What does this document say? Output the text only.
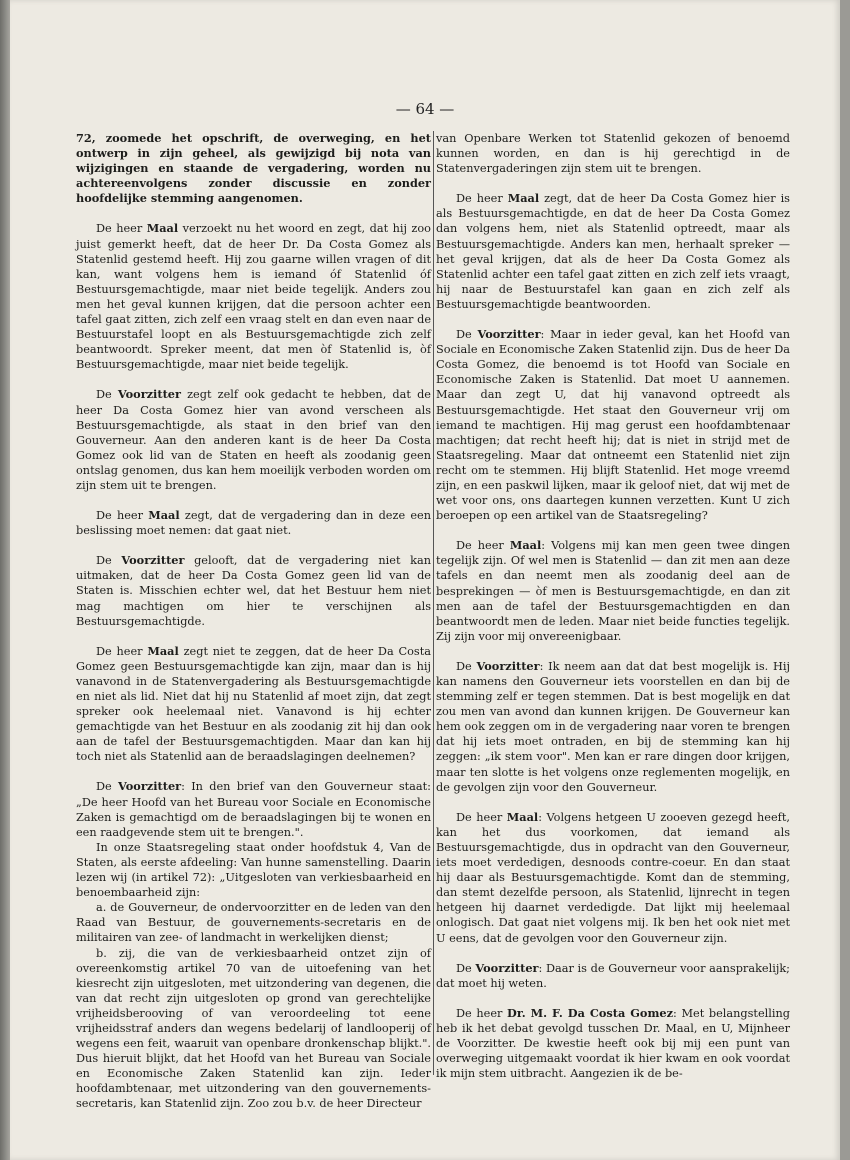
— 64 —

72, zoomede het opschrift, de overweging, en het ontwerp in zijn geheel, als gewijzigd bij nota van wijzigingen en staande de vergadering, worden nu achtereenvolgens zonder discussie en zonder hoofdelijke stemming aangenomen.

De heer Maal verzoekt nu het woord en zegt, dat hij zoo juist gemerkt heeft, dat de heer Dr. Da Costa Gomez als Statenlid gestemd heeft. Hij zou gaarne willen vragen of dit kan, want volgens hem is iemand óf Statenlid óf Bestuursgemachtigde, maar niet beide tegelijk. Anders zou men het geval kunnen krijgen, dat die persoon achter een tafel gaat zitten, zich zelf een vraag stelt en dan even naar de Bestuurstafel loopt en als Bestuursgemachtigde zich zelf beantwoordt. Spreker meent, dat men òf Statenlid is, òf Bestuursgemachtigde, maar niet beide tegelijk.

De Voorzitter zegt zelf ook gedacht te hebben, dat de heer Da Costa Gomez hier van avond verscheen als Bestuursgemachtigde, als staat in den brief van den Gouverneur. Aan den anderen kant is de heer Da Costa Gomez ook lid van de Staten en heeft als zoodanig geen ontslag genomen, dus kan hem moeilijk verboden worden om zijn stem uit te brengen.

De heer Maal zegt, dat de vergadering dan in deze een beslissing moet nemen: dat gaat niet.

De Voorzitter gelooft, dat de vergadering niet kan uitmaken, dat de heer Da Costa Gomez geen lid van de Staten is. Misschien echter wel, dat het Bestuur hem niet mag machtigen om hier te verschijnen als Bestuursgemachtigde.

De heer Maal zegt niet te zeggen, dat de heer Da Costa Gomez geen Bestuursgemachtigde kan zijn, maar dan is hij vanavond in de Statenvergadering als Bestuursgemachtigde en niet als lid. Niet dat hij nu Statenlid af moet zijn, dat zegt spreker ook heelemaal niet. Vanavond is hij echter gemachtigde van het Bestuur en als zoodanig zit hij dan ook aan de tafel der Bestuursgemachtigden. Maar dan kan hij toch niet als Statenlid aan de beraadslagingen deelnemen?

De Voorzitter: In den brief van den Gouverneur staat: „De heer Hoofd van het Bureau voor Sociale en Economische Zaken is gemachtigd om de beraadslagingen bij te wonen en een raadgevende stem uit te brengen.".

In onze Staatsregeling staat onder hoofdstuk 4, Van de Staten, als eerste afdeeling: Van hunne samenstelling. Daarin lezen wij (in artikel 72): „Uitgesloten van verkiesbaarheid en benoembaarheid zijn:

a. de Gouverneur, de ondervoorzitter en de leden van den Raad van Bestuur, de gouvernements-secretaris en de militairen van zee- of landmacht in werkelijken dienst;

b. zij, die van de verkiesbaarheid ontzet zijn of overeenkomstig artikel 70 van de uitoefening van het kiesrecht zijn uitgesloten, met uitzondering van degenen, die van dat recht zijn uitgesloten op grond van gerechtelijke vrijheidsberooving of van veroordeeling tot eene vrijheidsstraf anders dan wegens bedelarij of landlooperij of wegens een feit, waaruit van openbare dronkenschap blijkt.". Dus hieruit blijkt, dat het Hoofd van het Bureau van Sociale en Economische Zaken Statenlid kan zijn. Ieder hoofdambtenaar, met uitzondering van den gouvernements-secretaris, kan Statenlid zijn. Zoo zou b.v. de heer Directeur

van Openbare Werken tot Statenlid gekozen of benoemd kunnen worden, en dan is hij gerechtigd in de Statenvergaderingen zijn stem uit te brengen.

De heer Maal zegt, dat de heer Da Costa Gomez hier is als Bestuursgemachtigde, en dat de heer Da Costa Gomez dan volgens hem, niet als Statenlid optreedt, maar als Bestuursgemachtigde. Anders kan men, herhaalt spreker — het geval krijgen, dat als de heer Da Costa Gomez als Statenlid achter een tafel gaat zitten en zich zelf iets vraagt, hij naar de Bestuurstafel kan gaan en zich zelf als Bestuursgemachtigde beantwoorden.

De Voorzitter: Maar in ieder geval, kan het Hoofd van Sociale en Economische Zaken Statenlid zijn. Dus de heer Da Costa Gomez, die benoemd is tot Hoofd van Sociale en Economische Zaken is Statenlid. Dat moet U aannemen. Maar dan zegt U, dat hij vanavond optreedt als Bestuursgemachtigde. Het staat den Gouverneur vrij om iemand te machtigen. Hij mag gerust een hoofdambtenaar machtigen; dat recht heeft hij; dat is niet in strijd met de Staatsregeling. Maar dat ontneemt een Statenlid niet zijn recht om te stemmen. Hij blijft Statenlid. Het moge vreemd zijn, en een paskwil lijken, maar ik geloof niet, dat wij met de wet voor ons, ons daartegen kunnen verzetten. Kunt U zich beroepen op een artikel van de Staatsregeling?

De heer Maal: Volgens mij kan men geen twee dingen tegelijk zijn. Of wel men is Statenlid — dan zit men aan deze tafels en dan neemt men als zoodanig deel aan de besprekingen — òf men is Bestuursgemachtigde, en dan zit men aan de tafel der Bestuursgemachtigden en dan beantwoordt men de leden. Maar niet beide functies tegelijk. Zij zijn voor mij onvereenigbaar.

De Voorzitter: Ik neem aan dat dat best mogelijk is. Hij kan namens den Gouverneur iets voorstellen en dan bij de stemming zelf er tegen stemmen. Dat is best mogelijk en dat zou men van avond dan kunnen krijgen. De Gouverneur kan hem ook zeggen om in de vergadering naar voren te brengen dat hij iets moet ontraden, en bij de stemming kan hij zeggen: „ik stem voor". Men kan er rare dingen door krijgen, maar ten slotte is het volgens onze reglementen mogelijk, en de gevolgen zijn voor den Gouverneur.

De heer Maal: Volgens hetgeen U zooeven gezegd heeft, kan het dus voorkomen, dat iemand als Bestuursgemachtigde, dus in opdracht van den Gouverneur, iets moet verdedigen, desnoods contre-coeur. En dan staat hij daar als Bestuursgemachtigde. Komt dan de stemming, dan stemt dezelfde persoon, als Statenlid, lijnrecht in tegen hetgeen hij daarnet verdedigde. Dat lijkt mij heelemaal onlogisch. Dat gaat niet volgens mij. Ik ben het ook niet met U eens, dat de gevolgen voor den Gouverneur zijn.

De Voorzitter: Daar is de Gouverneur voor aansprakelijk; dat moet hij weten.

De heer Dr. M. F. Da Costa Gomez: Met belangstelling heb ik het debat gevolgd tusschen Dr. Maal, en U, Mijnheer de Voorzitter. De kwestie heeft ook bij mij een punt van overweging uitgemaakt voordat ik hier kwam en ook voordat ik mijn stem uitbracht. Aangezien ik de be-
